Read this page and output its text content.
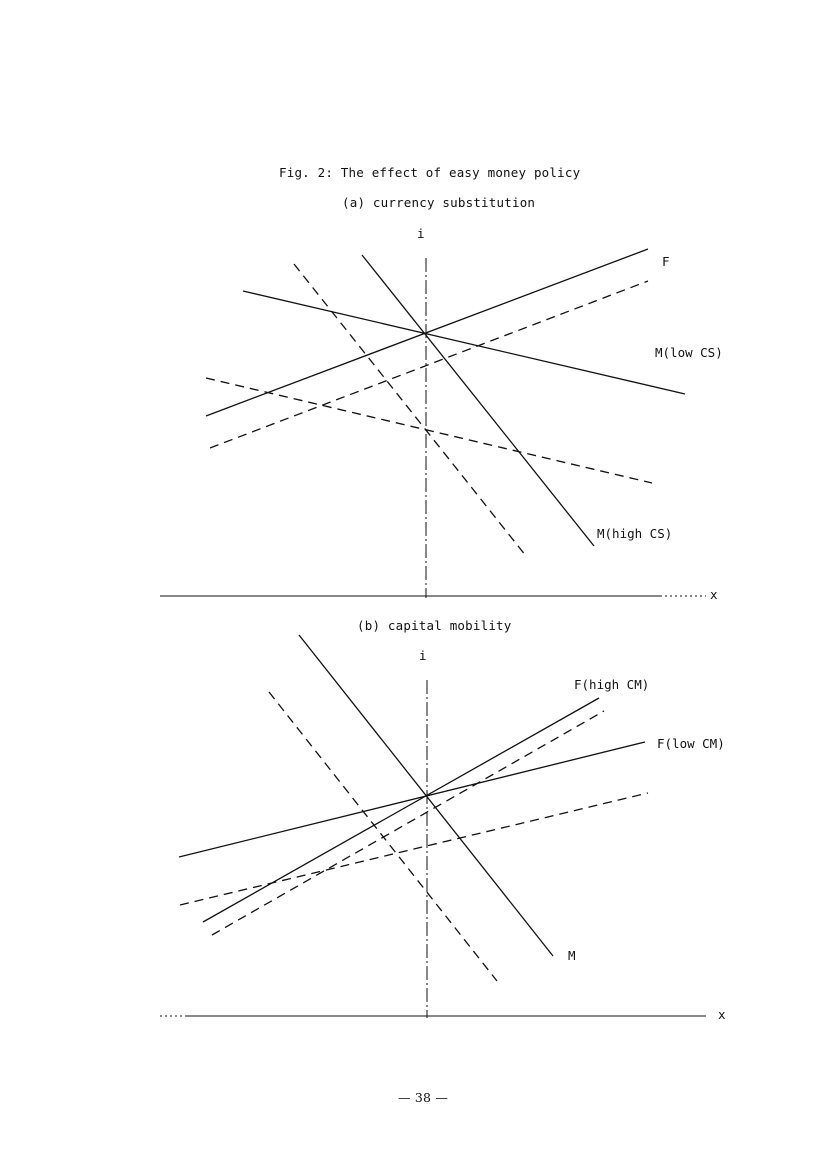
Fig. 2: The effect of easy money policy
(a) currency substitution
(b) capital mobility
— 38 —
i
x
F
M(low CS)
M(high CS)
i
x
F(high CM)
F(low CM)
M
